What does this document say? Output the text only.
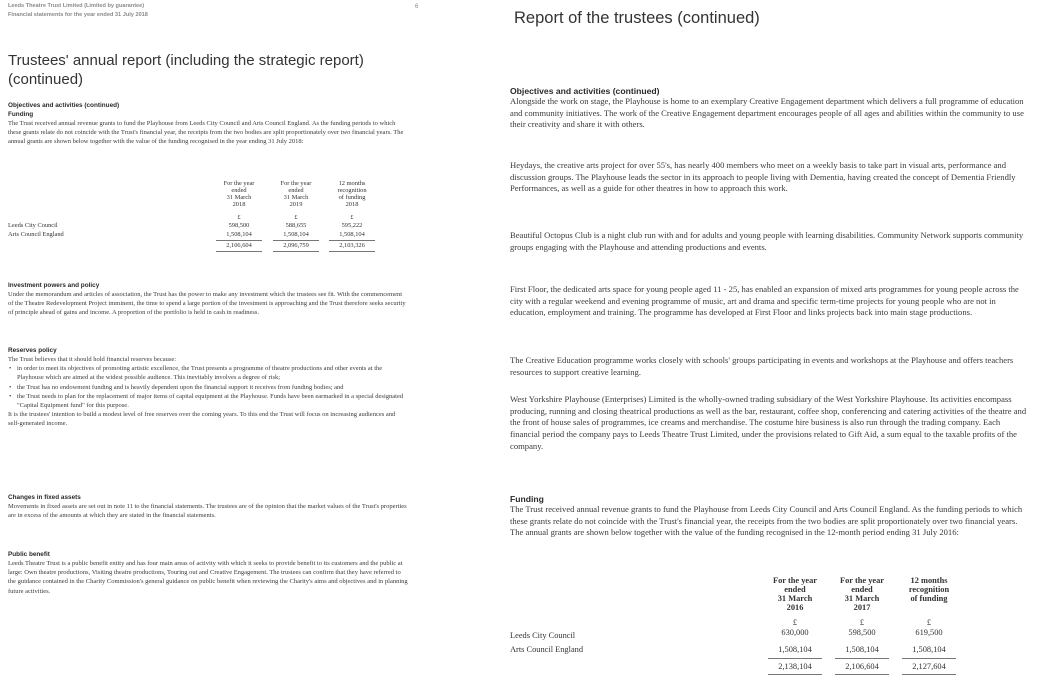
Leeds Theatre Trust Limited (Limited by guarantee)
Financial statements for the year ended 31 July 2018
6
Trustees' annual report (including the strategic report) (continued)
Objectives and activities (continued)
Funding

The Trust received annual revenue grants to fund the Playhouse from Leeds City Council and Arts Council England. As the funding periods to which these grants relate do not coincide with the Trust's financial year, the receipts from the two bodies are split proportionately over two financial years. The annual grants are shown below together with the value of the funding recognised in the year ending 31 July 2018:

For the year
ended
31 March
2018
For the year
ended
31 March
2019
12 months
recognition
of funding
2018
£	£	£
Leeds City Council	598,500	588,655	595,222
Arts Council England	1,508,104	1,508,104	1,508,104
2,106,604	2,096,759	2,103,326
Investment powers and policy

Under the memorandum and articles of association, the Trust has the power to make any investment which the trustees see fit. With the commencement of the Theatre Redevelopment Project imminent, the time to spend a large portion of the investment is approaching and the Trust therefore seeks security of principle ahead of gains and income. A proportion of the portfolio is held in cash in readiness.

Reserves policy

The Trust believes that it should hold financial reserves because:

• in order to meet its objectives of promoting artistic excellence, the Trust presents a programme of theatre productions and other events at the Playhouse which are aimed at the widest possible audience. This inevitably involves a degree of risk;
• the Trust has no endowment funding and is heavily dependent upon the financial support it receives from funding bodies; and
• the Trust needs to plan for the replacement of major items of capital equipment at the Playhouse. Funds have been earmarked in a special designated "Capital Equipment fund" for this purpose.

It is the trustees' intention to build a modest level of free reserves over the coming years. To this end the Trust will focus on increasing audiences and self-generated income.

Changes in fixed assets

Movements in fixed assets are set out in note 11 to the financial statements. The trustees are of the opinion that the market values of the Trust's properties are in excess of the amounts at which they are stated in the financial statements.

Public benefit

Leeds Theatre Trust is a public benefit entity and has four main areas of activity with which it seeks to provide benefit to its customers and the public at large: Own theatre productions, Visiting theatre productions, Touring out and Creative Engagement. The trustees can confirm that they have referred to the guidance contained in the Charity Commission's general guidance on public benefit when reviewing the Charity's aims and objectives and in planning future activities.

Report of the trustees (continued)
Objectives and activities (continued)

Alongside the work on stage, the Playhouse is home to an exemplary Creative Engagement department which delivers a full programme of education and community initiatives. The work of the Creative Engagement department encourages people of all ages and abilities within the community to use their creativity and share it with others.

Heydays, the creative arts project for over 55's, has nearly 400 members who meet on a weekly basis to take part in visual arts, performance and discussion groups. The Playhouse leads the sector in its approach to people living with Dementia, having created the concept of Dementia Friendly Performances, as well as a guide for other theatres in how to approach this work.

Beautiful Octopus Club is a night club run with and for adults and young people with learning disabilities. Community Network supports community groups engaging with the Playhouse and attending productions and events.

First Floor, the dedicated arts space for young people aged 11 - 25, has enabled an expansion of mixed arts programmes for young people across the city with a regular weekend and evening programme of music, art and drama and specific term-time projects for young people who are not in education, employment and training. The programme has developed at First Floor and links projects back into main stage productions.

The Creative Education programme works closely with schools' groups participating in events and workshops at the Playhouse and offers teachers resources to support creative learning.

West Yorkshire Playhouse (Enterprises) Limited is the wholly-owned trading subsidiary of the West Yorkshire Playhouse. Its activities encompass producing, running and closing theatrical productions as well as the bar, restaurant, coffee shop, conferencing and catering activities of the theatre and the front of house sales of programmes, ice creams and merchandise. The costume hire business is also run through the trading company. Each financial period the company pays to Leeds Theatre Trust Limited, under the provisions related to Gift Aid, a sum equal to the taxable profits of the company.

Funding

The Trust received annual revenue grants to fund the Playhouse from Leeds City Council and Arts Council England. As the funding periods to which these grants relate do not coincide with the Trust's financial year, the receipts from the two bodies are split proportionately over two financial years. The annual grants are shown below together with the value of the funding recognised in the 12-month period ending 31 July 2016:

For the year
ended
31 March
2016
For the year
ended
31 March
2017
12 months
recognition
of funding
£	£	£
Leeds City Council	630,000	598,500	619,500
Arts Council England	1,508,104	1,508,104	1,508,104
2,138,104	2,106,604	2,127,604
